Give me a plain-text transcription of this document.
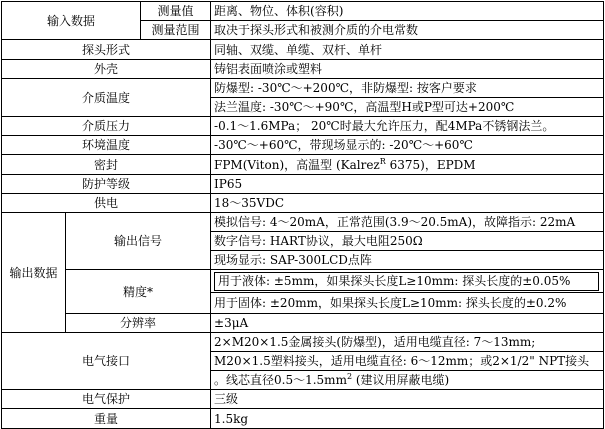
输入数据		测量值	距离、物位、体积(容积)
		测量范围	取决于探头形式和被测介质的介电常数
探头形式			同轴、双缆、单缆、双杆、单杆
外壳			铸铝表面喷涂或塑料
介质温度			防爆型: -30℃～+200℃，非防爆型: 按客户要求
			法兰温度: -30℃～+90℃，高温型H或P型可达+200℃
介质压力			-0.1～1.6MPa； 20℃时最大允许压力，配4MPa不锈钢法兰。
环境温度			-30℃～+60℃，带现场显示的: -20℃～+60℃
密封			FPM(Viton)，高温型 (Kalrez$^R$ 6375)，EPDM
防护等级			IP65
供电			18～35VDC
输出数据	输出信号		模拟信号: 4～20mA，正常范围(3.9～20.5mA)，故障指示: 22mA
			数字信号: HART协议，最大电阻250Ω
			现场显示: SAP-300LCD点阵
	精度*		用于液体: ±5mm，如果探头长度L≥10mm: 探头长度的±0.05%

			用于固体: ±20mm，如果探头长度L≥10mm: 探头长度的±0.2%
	分辨率		±3μA
电气接口			2×M20×1.5金属接头(防爆型)，适用电缆直径: 7～13mm;
			M20×1.5塑料接头，适用电缆直径: 6～12mm；或2×1/2" NPT接头
			。线芯直径$0.5\sim 1.5mm^2$ (建议用屏蔽电缆)
电气保护			三级
重量			1.5kg
